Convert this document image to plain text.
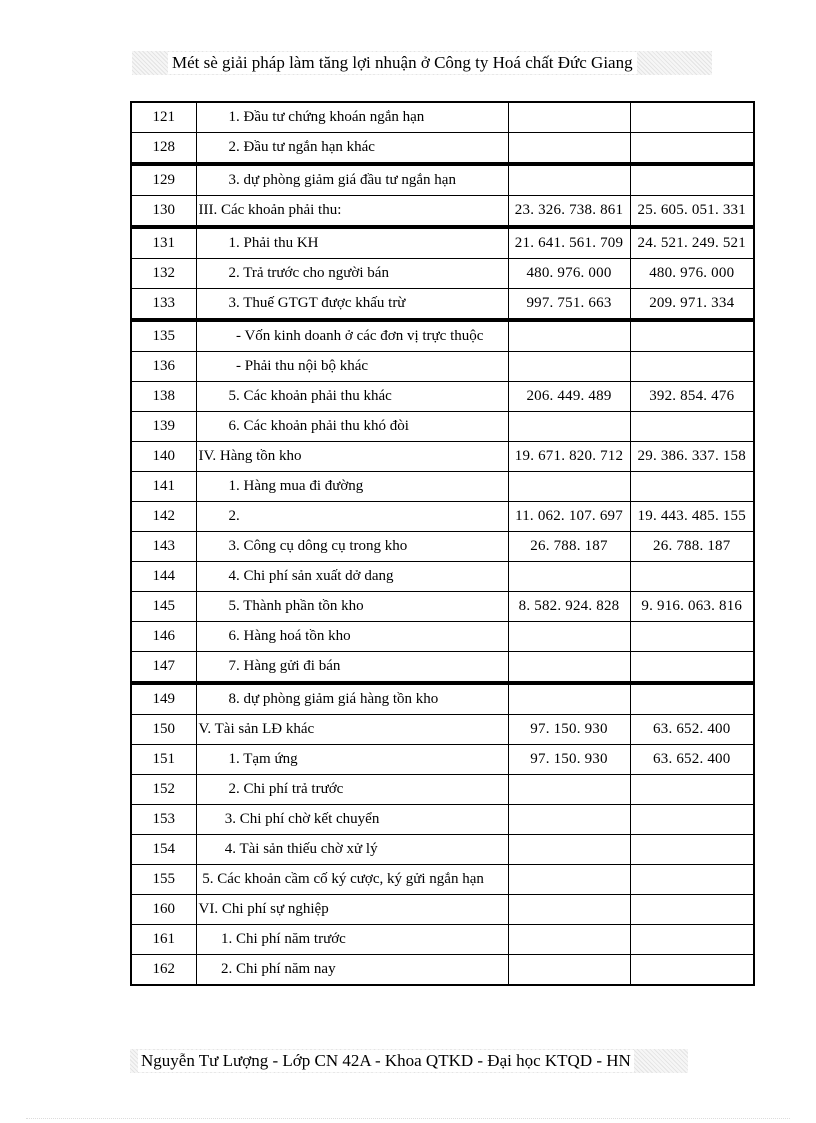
Mét sè giải pháp làm tăng lợi nhuận ở Công ty Hoá chất Đức Giang
121	1. Đầu tư chứng khoán ngắn hạn		
128	2. Đầu tư ngắn hạn khác		
129	3. dự phòng giảm giá đầu tư ngắn hạn		
130	III. Các khoản phải thu:	23. 326. 738. 861	25. 605. 051. 331
131	1. Phải thu KH	21. 641. 561. 709	24. 521. 249. 521
132	2. Trả trước cho người bán	480. 976. 000	480. 976. 000
133	3. Thuế GTGT được khấu trừ	997. 751. 663	209. 971. 334
135	- Vốn kinh doanh ở các đơn vị trực thuộc		
136	- Phải thu nội bộ khác		
138	5. Các khoản phải thu khác	206. 449. 489	392. 854. 476
139	6. Các khoản phải thu khó đòi		
140	IV. Hàng tồn kho	19. 671. 820. 712	29. 386. 337. 158
141	1. Hàng mua đi đường		
142	2.	11. 062. 107. 697	19. 443. 485. 155
143	3. Công cụ dông cụ trong kho	26. 788. 187	26. 788. 187
144	4. Chi phí sản xuất dở dang		
145	5. Thành phần tồn kho	8. 582. 924. 828	9. 916. 063. 816
146	6. Hàng hoá tồn kho		
147	7. Hàng gửi đi bán		
149	8. dự phòng giảm giá hàng tồn kho		
150	V. Tài sản LĐ khác	97. 150. 930	63. 652. 400
151	1. Tạm ứng	97. 150. 930	63. 652. 400
152	2. Chi phí trả trước		
153	3. Chi phí chờ kết chuyển		
154	4. Tài sản thiếu chờ xử lý		
155	5. Các khoản cầm cố ký cược, ký gửi ngắn hạn		
160	VI. Chi phí sự nghiệp		
161	1. Chi phí năm trước		
162	2. Chi phí năm nay		
Nguyễn Tư Lượng - Lớp CN 42A - Khoa QTKD - Đại học KTQD - HN
